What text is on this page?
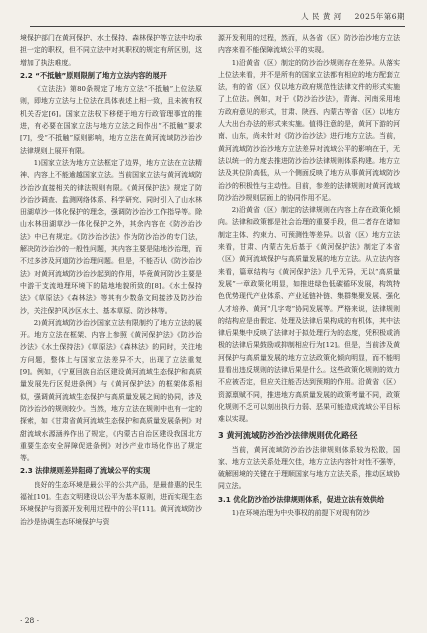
人 民 黄 河 2025年第6期

境保护部门在黄河保护、水土保持、森林保护等立法中均承担一定的职权，但不同立法中对其职权的规定有所区别，这增加了执法难度。

2.2 “不抵触”原则限制了地方立法内容的展开

《立法法》第80条规定了地方立法“不抵触”上位法原则，即地方立法与上位法在具体表述上相一致，且未被有权机关否定[6]。国家立法权下移便于地方行政管理事宜的推进，有必要在国家立法与地方立法之间作出“不抵触”要求[7]，受“不抵触”原则影响，地方立法在黄河流域防沙治沙法律规则上展开有限。

1)国家立法为地方立法框定了边界，地方立法在立法精神、内容上不能逾越国家立法。当前国家立法与黄河流域防沙治沙直接相关的律法规则有限。《黄河保护法》规定了防沙治沙调查、监测网络体系、科学研究、同时引入了山水林田湖草沙一体化保护的理念，强调防沙治沙工作指导等。除山水林田湖草沙一体化保护之外，其余内容在《防沙治沙法》中已有规定。《防沙治沙法》作为防沙治沙的专门法，解决防沙治沙的一般性问题，其内容主要是陆地沙治理，而不过多涉及河道防沙治理问题。但是，不能否认《防沙治沙法》对黄河流域防沙治沙起到的作用，毕竟黄河防沙主要是中游干支流地理环境下的陆地地貌所致的[8]。《水土保持法》《草原法》《森林法》等其有少数条文间接涉及防沙治沙，关注保护风沙区水土、基本草原、防沙林等。

2)黄河流域防沙治沙国家立法有限制约了地方立法的展开。地方立法在框架、内容上参照《黄河保护法》《防沙治沙法》《水土保持法》《草原法》《森林法》的同时，关注地方问题，整体上与国家立法差异不大，出现了立法重复[9]。例如，《宁夏回族自治区建设黄河流域生态保护和高质量发展先行区促进条例》与《黄河保护法》的框架体系相似，强调黄河流域生态保护与高质量发展之间的协同，涉及防沙治沙的规则较少。当然，地方立法在规则中也有一定的探索，如《甘肃省黄河流域生态保护和高质量发展条例》对甜流域水源涵养作出了规定，《内蒙古自治区建设我国北方重要生态安全屏障促进条例》对沙产业市场化作出了规定等。

2.3 法律规则差异阻碍了流域公平的实现

良好的生态环境是最公平的公共产品，是最普惠的民生福祉[10]。生态文明建设以公平为基本原则，进而实现生态环境保护与资源开发利用过程中的公平[11]。黄河流域防沙治沙是协调生态环境保护与资

源开发利用的过程，然而，从各省（区）防沙治沙地方立法内容来看不能保障流域公平的实现。

1)沿黄省（区）制定的防沙治沙规则存在差异。从落实上位法来看，并不是所有的国家立法都有相应的地方配套立法，有的省（区）仅以地方政府规范性法律文件的形式实施了上位法。例如，对于《防沙治沙法》，青海、河南采用地方政府意见的形式，甘肃、陕西、内蒙古等省（区）以地方人大出台办法的形式来实施。值得注意的是，黄河下游的河南、山东，尚未针对《防沙治沙法》进行地方立法。当前，黄河流域防沙治沙地方立法差异对流域公平的影响在于，无法以统一的力度去推进防沙治沙法律规则体系构建。地方立法及其位阶高低，从一个侧面反映了地方从事黄河流域防沙治沙的积极性与主动性。目前，参差的法律规则对黄河流域防沙治沙规则层面上的协同作用不足。

2)沿黄省（区）制定的法律规则在内容上存在政策化倾向。法律和政策都是社会治理的重要手段，但二者存在诸如制定主体、约束力、可预测性等差异。以省（区）地方立法来看，甘肃、内蒙古先后基于《黄河保护法》制定了本省（区）黄河流域保护与高质量发展的地方立法。从立法内容来看，篇章结构与《黄河保护法》几乎无异，无以“高质量发展”一章政策化明显，如推进绿色低碳循环发展，构筑特色优势现代产业体系、产业延链补链、集群集聚发展、强化人才培养、黄河“几字弯”协同发展等。严格来说，法律规则的结构应是由假定、处理及法律后果构成的有机体，其中法律后果集中反映了法律对于拟处理行为的态度，凭积极或消极的法律后果鼓励或抑制相应行为[12]。但是，当前涉及黄河保护与高质量发展的地方立法政策化倾向明显，而不能明显看出违反规则的法律后果是什么。这些政策化规则的效力不应被否定，但应关注能否达到预期的作用。沿黄省（区）资源禀赋不同，推进地方高质量发展的政策考量不同，政策化规则不乏可以刻出执行力弱、恶果可能造成流域公平目标难以实现。

3 黄河流域防沙治沙法律规则优化路径

当前，黄河流域防沙治沙法律规则体系较为松散，国家、地方立法关系处理欠佳，地方立法内容针对性不强等，破解困境的关键在于理顺国家与地方立法关系，推动区域协同立法。

3.1 优化防沙治沙法律规则体系，促进立法有效供给

1)在环境治理为中央事权的前提下对现有防沙

· 28 ·
